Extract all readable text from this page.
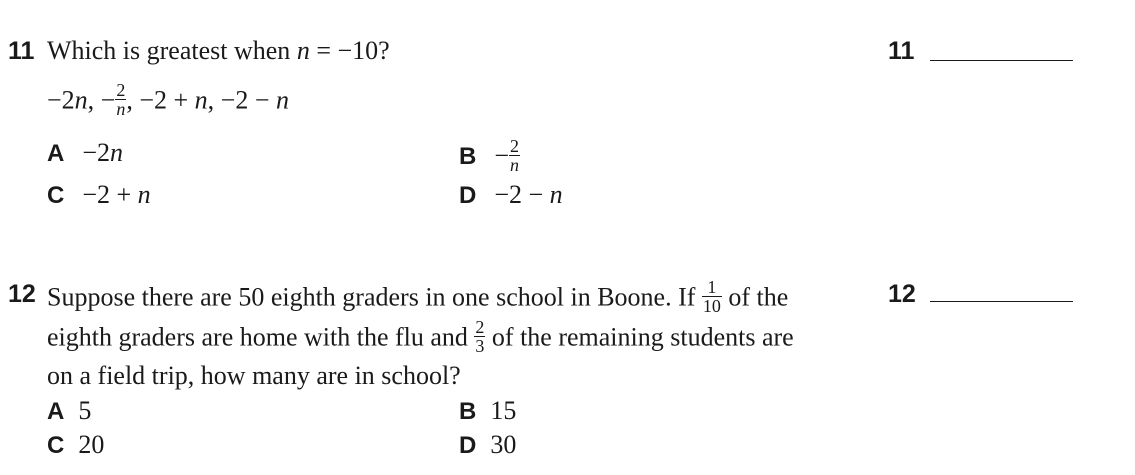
11 Which is greatest when n = −10?
−2n, − $\frac{2}{n}$ , −2 + n, −2 − n
11
A −2n	$B - \frac{2}{n}$
C −2 + n	D −2 − n
12 Suppose there are 50 eighth graders in one school in Boone. If $\frac{1}{10}$ of the
eighth graders are home with the flu and $\frac{2}{3}$ of the remaining students are
on a field trip, how many are in school?
12
A 5	B 15
C 20	D 30
